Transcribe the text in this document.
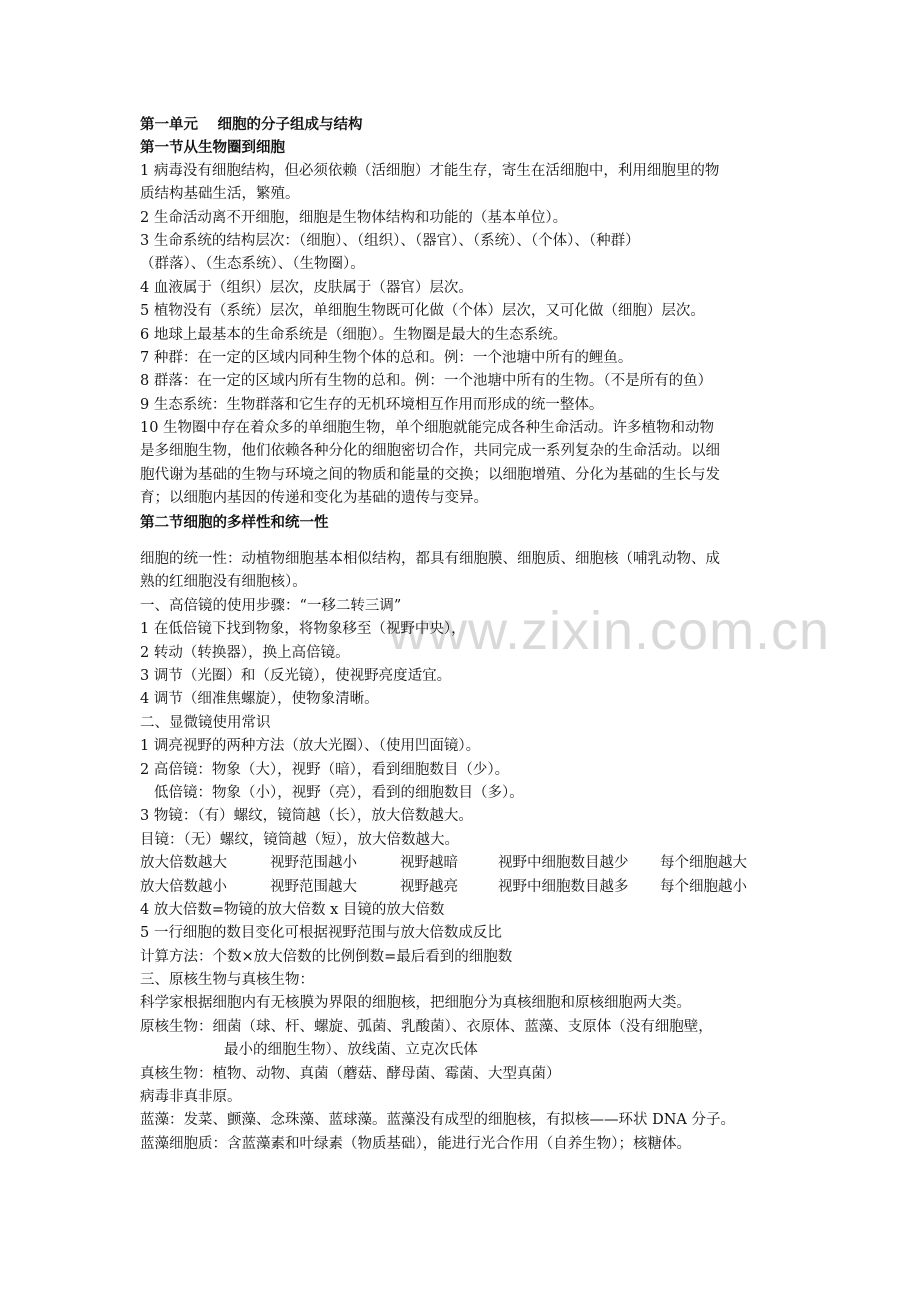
www.zixin.com.cn
第一单元　 细胞的分子组成与结构
第一节从生物圈到细胞
1 病毒没有细胞结构，但必须依赖（活细胞）才能生存，寄生在活细胞中，利用细胞里的物
质结构基础生活，繁殖。
2 生命活动离不开细胞，细胞是生物体结构和功能的（基本单位）。
3 生命系统的结构层次：（细胞）、（组织）、（器官）、（系统）、（个体）、（种群）
（群落）、（生态系统）、（生物圈）。
4 血液属于（组织）层次，皮肤属于（器官）层次。
5 植物没有（系统）层次，单细胞生物既可化做（个体）层次，又可化做（细胞）层次。
6 地球上最基本的生命系统是（细胞）。生物圈是最大的生态系统。
7 种群：在一定的区域内同种生物个体的总和。例：一个池塘中所有的鲤鱼。
8 群落：在一定的区域内所有生物的总和。例：一个池塘中所有的生物。（不是所有的鱼）
9 生态系统：生物群落和它生存的无机环境相互作用而形成的统一整体。
10 生物圈中存在着众多的单细胞生物，单个细胞就能完成各种生命活动。许多植物和动物
是多细胞生物，他们依赖各种分化的细胞密切合作，共同完成一系列复杂的生命活动。以细
胞代谢为基础的生物与环境之间的物质和能量的交换；以细胞增殖、分化为基础的生长与发
育；以细胞内基因的传递和变化为基础的遗传与变异。
第二节细胞的多样性和统一性
细胞的统一性：动植物细胞基本相似结构，都具有细胞膜、细胞质、细胞核（哺乳动物、成
熟的红细胞没有细胞核）。
一、高倍镜的使用步骤：“一移二转三调”
1 在低倍镜下找到物象，将物象移至（视野中央），
2 转动（转换器），换上高倍镜。
3 调节（光圈）和（反光镜），使视野亮度适宜。
4 调节（细准焦螺旋），使物象清晰。
二、显微镜使用常识
1 调亮视野的两种方法（放大光圈）、（使用凹面镜）。
2 高倍镜：物象（大），视野（暗），看到细胞数目（少）。
低倍镜：物象（小），视野（亮），看到的细胞数目（多）。
3 物镜：（有）螺纹，镜筒越（长），放大倍数越大。
目镜：（无）螺纹，镜筒越（短），放大倍数越大。
放大倍数越大	视野范围越小	视野越暗	视野中细胞数目越少	每个细胞越大
放大倍数越小	视野范围越大	视野越亮	视野中细胞数目越多	每个细胞越小
4 放大倍数=物镜的放大倍数 x 目镜的放大倍数
5 一行细胞的数目变化可根据视野范围与放大倍数成反比
计算方法：个数×放大倍数的比例倒数=最后看到的细胞数
三、原核生物与真核生物：
科学家根据细胞内有无核膜为界限的细胞核，把细胞分为真核细胞和原核细胞两大类。
原核生物：细菌（球、杆、螺旋、弧菌、乳酸菌）、衣原体、蓝藻、支原体（没有细胞壁，
最小的细胞生物）、放线菌、立克次氏体
真核生物：植物、动物、真菌（蘑菇、酵母菌、霉菌、大型真菌）
病毒非真非原。
蓝藻：发菜、颤藻、念珠藻、蓝球藻。蓝藻没有成型的细胞核，有拟核——环状 DNA 分子。
蓝藻细胞质：含蓝藻素和叶绿素（物质基础），能进行光合作用（自养生物）；核糖体。
